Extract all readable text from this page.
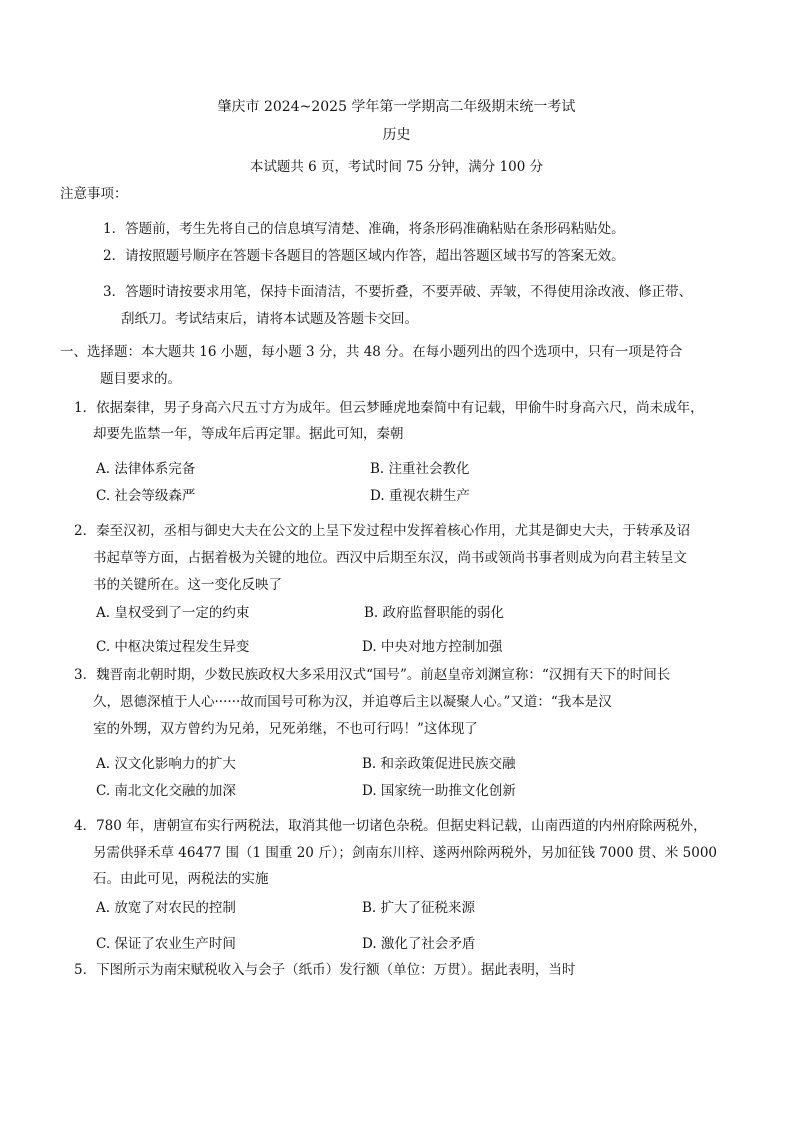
肇庆市 2024~2025 学年第一学期高二年级期末统一考试
历史
本试题共 6 页，考试时间 75 分钟，满分 100 分
注意事项：
1．答题前，考生先将自己的信息填写清楚、准确，将条形码准确粘贴在条形码粘贴处。
2．请按照题号顺序在答题卡各题目的答题区域内作答，超出答题区域书写的答案无效。
3．答题时请按要求用笔，保持卡面清洁，不要折叠，不要弄破、弄皱，不得使用涂改液、修正带、
刮纸刀。考试结束后，请将本试题及答题卡交回。
一、选择题：本大题共 16 小题，每小题 3 分，共 48 分。在每小题列出的四个选项中，只有一项是符合
题目要求的。
1．依据秦律，男子身高六尺五寸方为成年。但云梦睡虎地秦简中有记载，甲偷牛时身高六尺，尚未成年，
却要先监禁一年，等成年后再定罪。据此可知，秦朝
A. 法律体系完备	B. 注重社会教化
C. 社会等级森严	D. 重视农耕生产
2．秦至汉初，丞相与御史大夫在公文的上呈下发过程中发挥着核心作用，尤其是御史大夫，于转承及诏
书起草等方面，占据着极为关键的地位。西汉中后期至东汉，尚书或领尚书事者则成为向君主转呈文
书的关键所在。这一变化反映了
A. 皇权受到了一定的约束	B. 政府监督职能的弱化
C. 中枢决策过程发生异变	D. 中央对地方控制加强
3．魏晋南北朝时期，少数民族政权大多采用汉式“国号”。前赵皇帝刘渊宣称：“汉拥有天下的时间长
久，恩德深植于人心······故而国号可称为汉，并追尊后主以凝聚人心。”又道：“我本是汉
室的外甥，双方曾约为兄弟，兄死弟继，不也可行吗！”这体现了
A. 汉文化影响力的扩大	B. 和亲政策促进民族交融
C. 南北文化交融的加深	D. 国家统一助推文化创新
4．780 年，唐朝宣布实行两税法，取消其他一切诸色杂税。但据史料记载，山南西道的内州府除两税外，
另需供驿禾草 46477 围（1 围重 20 斤）；剑南东川梓、遂两州除两税外，另加征钱 7000 贯、米 5000
石。由此可见，两税法的实施
A. 放宽了对农民的控制	B. 扩大了征税来源
C. 保证了农业生产时间	D. 激化了社会矛盾
5．下图所示为南宋赋税收入与会子（纸币）发行额（单位：万贯）。据此表明，当时
